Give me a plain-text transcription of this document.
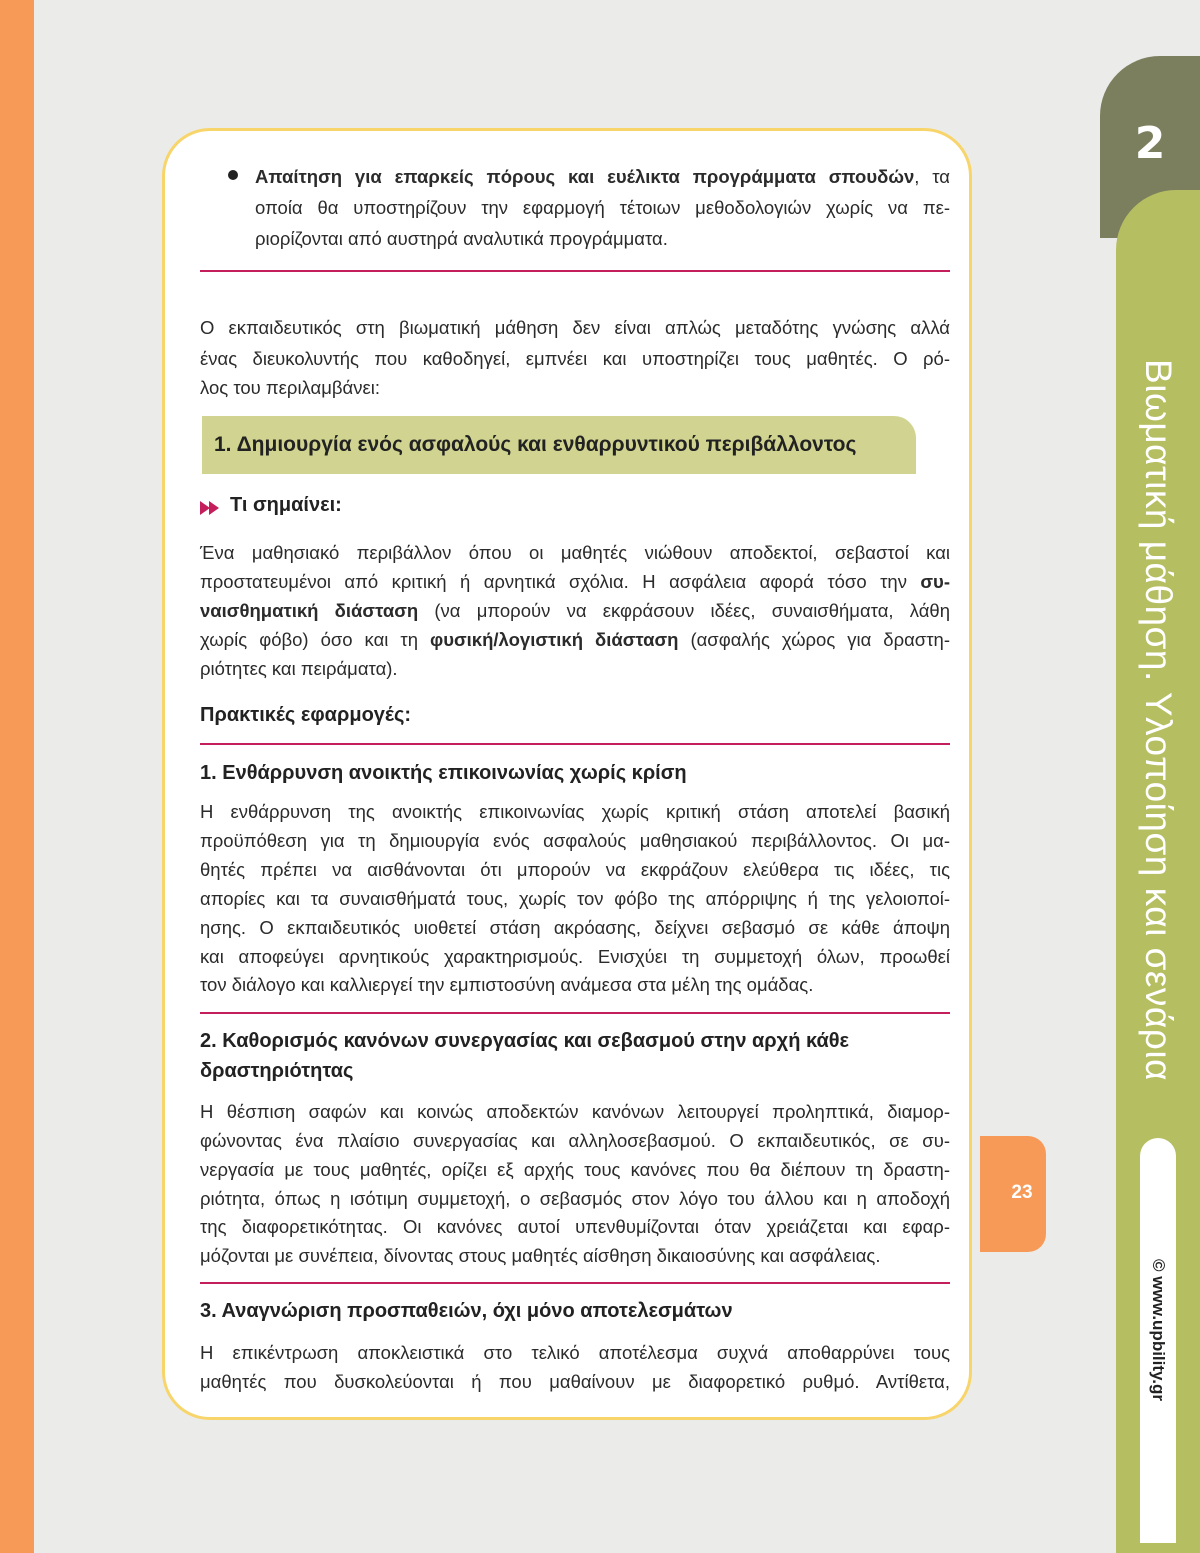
2
Βιωματική μάθηση. Υλοποίηση και σενάρια
© www.upbility.gr
23
Απαίτηση για επαρκείς πόρους και ευέλικτα προγράμματα σπουδών, τα
οποία θα υποστηρίζουν την εφαρμογή τέτοιων μεθοδολογιών χωρίς να πε-
ριορίζονται από αυστηρά αναλυτικά προγράμματα.
Ο εκπαιδευτικός στη βιωματική μάθηση δεν είναι απλώς μεταδότης γνώσης αλλά
ένας διευκολυντής που καθοδηγεί, εμπνέει και υποστηρίζει τους μαθητές. Ο ρό-
λος του περιλαμβάνει:
1. Δημιουργία ενός ασφαλούς και ενθαρρυντικού περιβάλλοντος
Τι σημαίνει:
Ένα μαθησιακό περιβάλλον όπου οι μαθητές νιώθουν αποδεκτοί, σεβαστοί και
προστατευμένοι από κριτική ή αρνητικά σχόλια. Η ασφάλεια αφορά τόσο την συ-
ναισθηματική διάσταση (να μπορούν να εκφράσουν ιδέες, συναισθήματα, λάθη
χωρίς φόβο) όσο και τη φυσική/λογιστική διάσταση (ασφαλής χώρος για δραστη-
ριότητες και πειράματα).
Πρακτικές εφαρμογές:
1. Ενθάρρυνση ανοικτής επικοινωνίας χωρίς κρίση
Η ενθάρρυνση της ανοικτής επικοινωνίας χωρίς κριτική στάση αποτελεί βασική
προϋπόθεση για τη δημιουργία ενός ασφαλούς μαθησιακού περιβάλλοντος. Οι μα-
θητές πρέπει να αισθάνονται ότι μπορούν να εκφράζουν ελεύθερα τις ιδέες, τις
απορίες και τα συναισθήματά τους, χωρίς τον φόβο της απόρριψης ή της γελοιοποί-
ησης. Ο εκπαιδευτικός υιοθετεί στάση ακρόασης, δείχνει σεβασμό σε κάθε άποψη
και αποφεύγει αρνητικούς χαρακτηρισμούς. Ενισχύει τη συμμετοχή όλων, προωθεί
τον διάλογο και καλλιεργεί την εμπιστοσύνη ανάμεσα στα μέλη της ομάδας.
2. Καθορισμός κανόνων συνεργασίας και σεβασμού στην αρχή κάθε
δραστηριότητας
Η θέσπιση σαφών και κοινώς αποδεκτών κανόνων λειτουργεί προληπτικά, διαμορ-
φώνοντας ένα πλαίσιο συνεργασίας και αλληλοσεβασμού. Ο εκπαιδευτικός, σε συ-
νεργασία με τους μαθητές, ορίζει εξ αρχής τους κανόνες που θα διέπουν τη δραστη-
ριότητα, όπως η ισότιμη συμμετοχή, ο σεβασμός στον λόγο του άλλου και η αποδοχή
της διαφορετικότητας. Οι κανόνες αυτοί υπενθυμίζονται όταν χρειάζεται και εφαρ-
μόζονται με συνέπεια, δίνοντας στους μαθητές αίσθηση δικαιοσύνης και ασφάλειας.
3. Αναγνώριση προσπαθειών, όχι μόνο αποτελεσμάτων
Η επικέντρωση αποκλειστικά στο τελικό αποτέλεσμα συχνά αποθαρρύνει τους
μαθητές που δυσκολεύονται ή που μαθαίνουν με διαφορετικό ρυθμό. Αντίθετα,
